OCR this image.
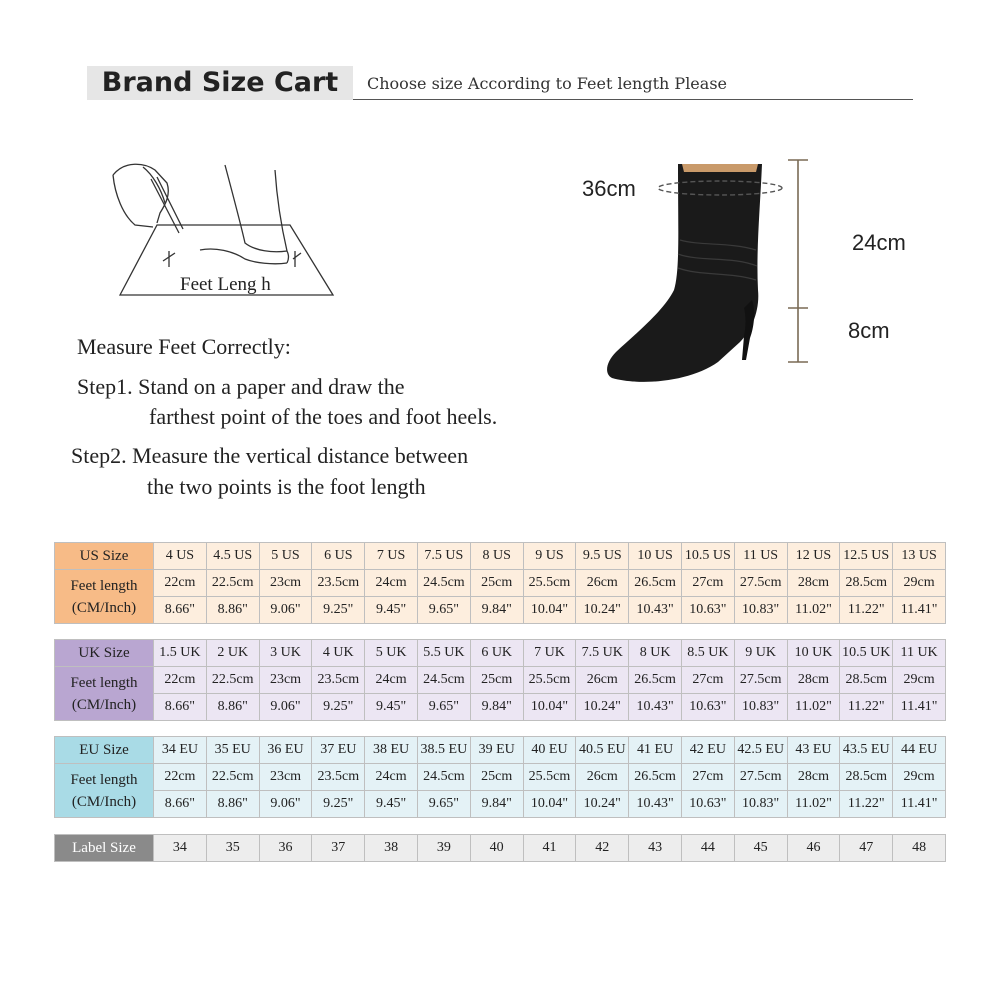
Brand Size Cart	Choose size According to Feet length Please
Feet Leng h
Measure Feet Correctly:
Step1. Stand on a paper and draw the
farthest point of the toes and foot heels.
Step2. Measure the vertical distance between
the two points is the foot length
36cm
24cm
8cm
US Size	4 US	4.5 US	5 US	6 US	7 US	7.5 US	8 US	9 US	9.5 US	10 US	10.5 US	11 US	12 US	12.5 US	13 US

Feet length
(CM/Inch)	22cm	22.5cm	23cm	23.5cm	24cm	24.5cm	25cm	25.5cm	26cm	26.5cm	27cm	27.5cm	28cm	28.5cm	29cm
	8.66"	8.86"	9.06"	9.25"	9.45"	9.65"	9.84"	10.04"	10.24"	10.43"	10.63"	10.83"	11.02"	11.22"	11.41"
UK Size	1.5 UK	2 UK	3 UK	4 UK	5 UK	5.5 UK	6 UK	7 UK	7.5 UK	8 UK	8.5 UK	9 UK	10 UK	10.5 UK	11 UK

Feet length
(CM/Inch)	22cm	22.5cm	23cm	23.5cm	24cm	24.5cm	25cm	25.5cm	26cm	26.5cm	27cm	27.5cm	28cm	28.5cm	29cm
	8.66"	8.86"	9.06"	9.25"	9.45"	9.65"	9.84"	10.04"	10.24"	10.43"	10.63"	10.83"	11.02"	11.22"	11.41"
EU Size	34 EU	35 EU	36 EU	37 EU	38 EU	38.5 EU	39 EU	40 EU	40.5 EU	41 EU	42 EU	42.5 EU	43 EU	43.5 EU	44 EU

Feet length
(CM/Inch)	22cm	22.5cm	23cm	23.5cm	24cm	24.5cm	25cm	25.5cm	26cm	26.5cm	27cm	27.5cm	28cm	28.5cm	29cm
	8.66"	8.86"	9.06"	9.25"	9.45"	9.65"	9.84"	10.04"	10.24"	10.43"	10.63"	10.83"	11.02"	11.22"	11.41"
Label Size	34	35	36	37	38	39	40	41	42	43	44	45	46	47	48
